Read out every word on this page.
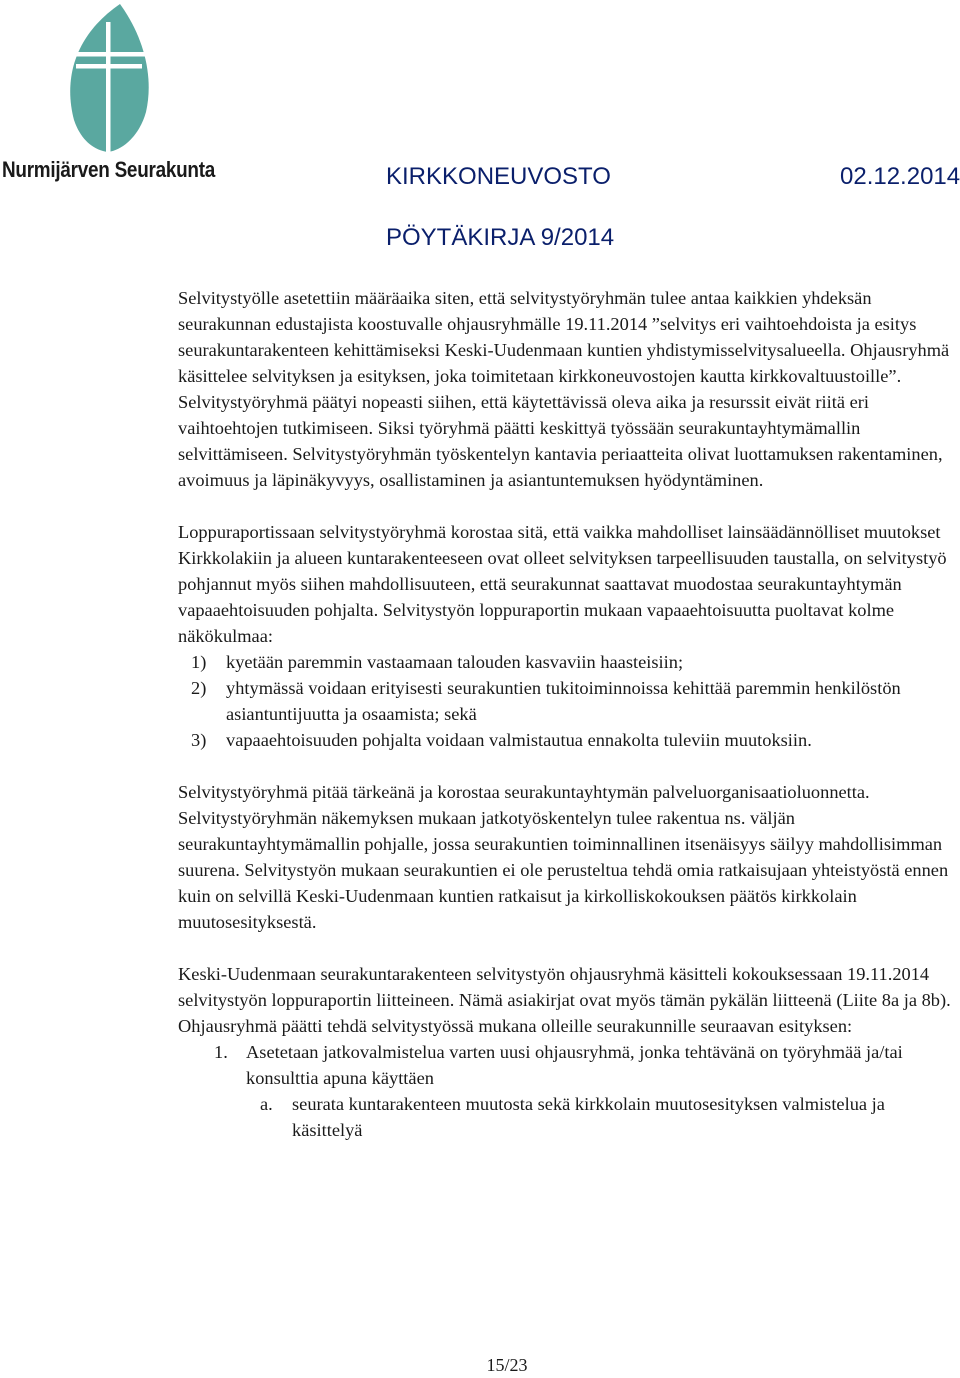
Nurmijärven Seurakunta	KIRKKONEUVOSTO	02.12.2014
PÖYTÄKIRJA 9/2014

Selvitystyölle asetettiin määräaika siten, että selvitystyöryhmän tulee antaa kaikkien yhdeksän seurakunnan edustajista koostuvalle ohjausryhmälle 19.11.2014 ”selvitys eri vaihtoehdoista ja esitys seurakuntarakenteen kehittämiseksi Keski-Uudenmaan kuntien yhdistymisselvitysalueella. Ohjausryhmä käsittelee selvityksen ja esityksen, joka toimitetaan kirkkoneuvostojen kautta kirkkovaltuustoille”. Selvitystyöryhmä päätyi nopeasti siihen, että käytettävissä oleva aika ja resurssit eivät riitä eri vaihtoehtojen tutkimiseen. Siksi työryhmä päätti keskittyä työssään seurakuntayhtymämallin selvittämiseen. Selvitystyöryhmän työskentelyn kantavia periaatteita olivat luottamuksen rakentaminen, avoimuus ja läpinäkyvyys, osallistaminen ja asiantuntemuksen hyödyntäminen.

Loppuraportissaan selvitystyöryhmä korostaa sitä, että vaikka mahdolliset lainsäädännölliset muutokset Kirkkolakiin ja alueen kuntarakenteeseen ovat olleet selvityksen tarpeellisuuden taustalla, on selvitystyö pohjannut myös siihen mahdollisuuteen, että seurakunnat saattavat muodostaa seurakuntayhtymän vapaaehtoisuuden pohjalta. Selvitystyön loppuraportin mukaan vapaaehtoisuutta puoltavat kolme näkökulmaa:

1) kyetään paremmin vastaamaan talouden kasvaviin haasteisiin;
2) yhtymässä voidaan erityisesti seurakuntien tukitoiminnoissa kehittää paremmin henkilöstön asiantuntijuutta ja osaamista; sekä
3) vapaaehtoisuuden pohjalta voidaan valmistautua ennakolta tuleviin muutoksiin.

Selvitystyöryhmä pitää tärkeänä ja korostaa seurakuntayhtymän palveluorganisaatioluonnetta. Selvitystyöryhmän näkemyksen mukaan jatkotyöskentelyn tulee rakentua ns. väljän seurakuntayhtymämallin pohjalle, jossa seurakuntien toiminnallinen itsenäisyys säilyy mahdollisimman suurena. Selvitystyön mukaan seurakuntien ei ole perusteltua tehdä omia ratkaisujaan yhteistyöstä ennen kuin on selvillä Keski-Uudenmaan kuntien ratkaisut ja kirkolliskokouksen päätös kirkkolain muutosesityksestä.

Keski-Uudenmaan seurakuntarakenteen selvitystyön ohjausryhmä käsitteli kokouksessaan 19.11.2014 selvitystyön loppuraportin liitteineen. Nämä asiakirjat ovat myös tämän pykälän liitteenä (Liite 8a ja 8b).

Ohjausryhmä päätti tehdä selvitystyössä mukana olleille seurakunnille seuraavan esityksen:

1. Asetetaan jatkovalmistelua varten uusi ohjausryhmä, jonka tehtävänä on työryhmää ja/tai konsulttia apuna käyttäen
a. seurata kuntarakenteen muutosta sekä kirkkolain muutosesityksen valmistelua ja käsittelyä
15/23
